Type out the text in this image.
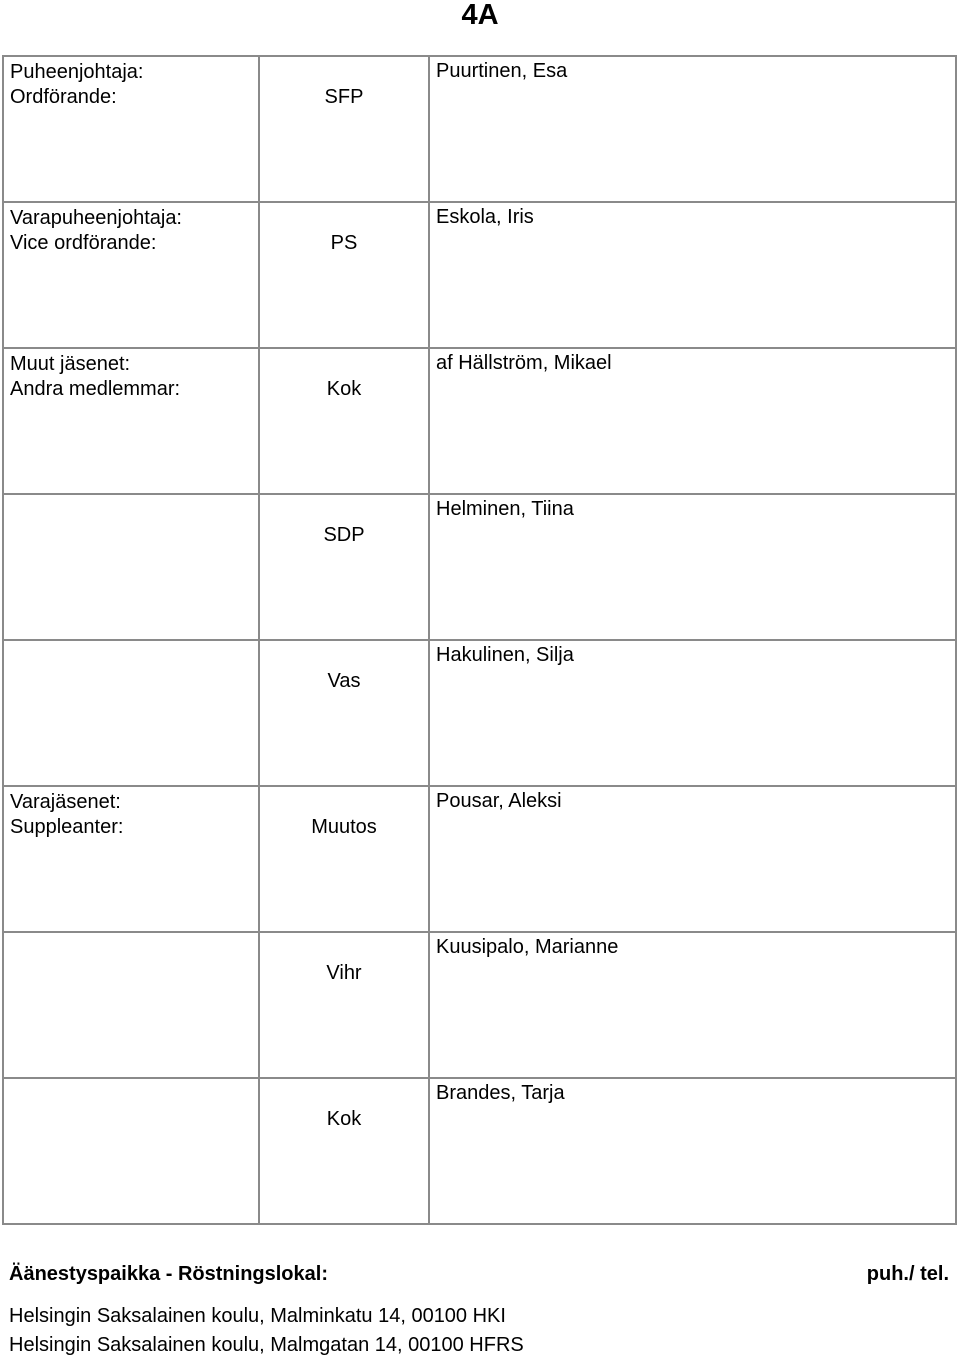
4A
Puheenjohtaja:
Ordförande:	SFP	Puurtinen, Esa

Varapuheenjohtaja:
Vice ordförande:	PS	Eskola, Iris

Muut jäsenet:
Andra medlemmar:	Kok	af Hällström, Mikael

	SDP	Helminen, Tiina

	Vas	Hakulinen, Silja

Varajäsenet:
Suppleanter:	Muutos	Pousar, Aleksi

	Vihr	Kuusipalo, Marianne

	Kok	Brandes, Tarja
Äänestyspaikka - Röstningslokal:	puh./ tel.
Helsingin Saksalainen koulu, Malminkatu 14, 00100 HKI
Helsingin Saksalainen koulu, Malmgatan 14, 00100 HFRS
